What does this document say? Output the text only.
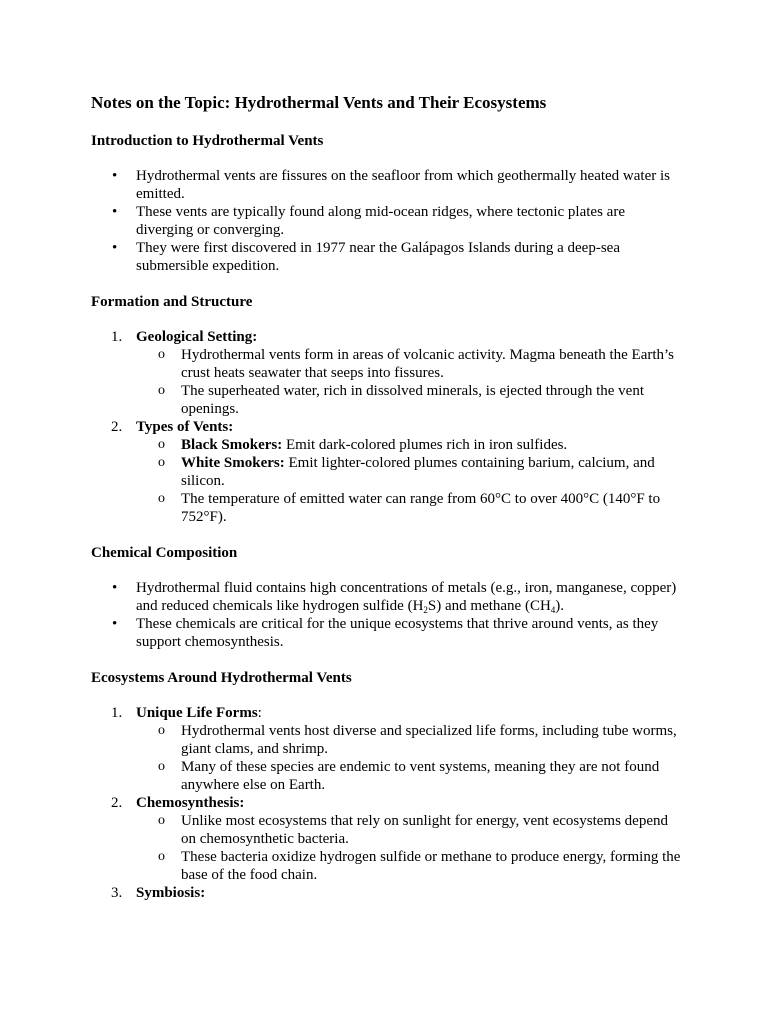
Notes on the Topic: Hydrothermal Vents and Their Ecosystems
Introduction to Hydrothermal Vents
• Hydrothermal vents are fissures on the seafloor from which geothermally heated water is emitted.
• These vents are typically found along mid-ocean ridges, where tectonic plates are diverging or converging.
• They were first discovered in 1977 near the Galápagos Islands during a deep-sea submersible expedition.
Formation and Structure
1. Geological Setting:
o Hydrothermal vents form in areas of volcanic activity. Magma beneath the Earth’s crust heats seawater that seeps into fissures.
o The superheated water, rich in dissolved minerals, is ejected through the vent openings.
2. Types of Vents:
o Black Smokers: Emit dark-colored plumes rich in iron sulfides.
o White Smokers: Emit lighter-colored plumes containing barium, calcium, and silicon.
o The temperature of emitted water can range from 60°C to over 400°C (140°F to 752°F).
Chemical Composition
• Hydrothermal fluid contains high concentrations of metals (e.g., iron, manganese, copper) and reduced chemicals like hydrogen sulfide $(H_2S)$ and methane $(CH_4)$.
• These chemicals are critical for the unique ecosystems that thrive around vents, as they support chemosynthesis.
Ecosystems Around Hydrothermal Vents
1. Unique Life Forms:
o Hydrothermal vents host diverse and specialized life forms, including tube worms, giant clams, and shrimp.
o Many of these species are endemic to vent systems, meaning they are not found anywhere else on Earth.
2. Chemosynthesis:
o Unlike most ecosystems that rely on sunlight for energy, vent ecosystems depend on chemosynthetic bacteria.
o These bacteria oxidize hydrogen sulfide or methane to produce energy, forming the base of the food chain.
3. Symbiosis:
